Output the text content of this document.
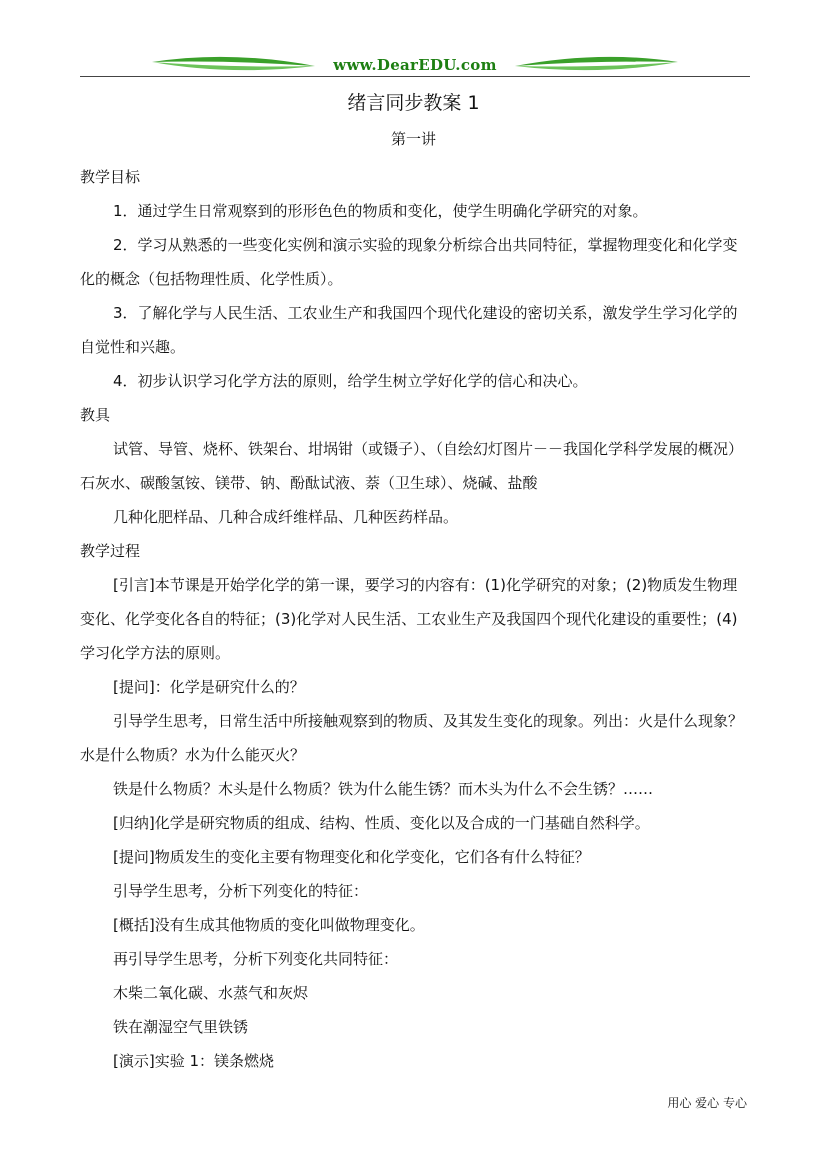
www.DearEDU.com
绪言同步教案 1
第一讲

教学目标

1．通过学生日常观察到的形形色色的物质和变化，使学生明确化学研究的对象。

2．学习从熟悉的一些变化实例和演示实验的现象分析综合出共同特征，掌握物理变化和化学变化的概念（包括物理性质、化学性质）。

3．了解化学与人民生活、工农业生产和我国四个现代化建设的密切关系，激发学生学习化学的自觉性和兴趣。

4．初步认识学习化学方法的原则，给学生树立学好化学的信心和决心。

教具

试管、导管、烧杯、铁架台、坩埚钳（或镊子）、（自绘幻灯图片－－我国化学科学发展的概况）石灰水、碳酸氢铵、镁带、钠、酚酞试液、萘（卫生球）、烧碱、盐酸

几种化肥样品、几种合成纤维样品、几种医药样品。

教学过程

[引言]本节课是开始学化学的第一课，要学习的内容有：(1)化学研究的对象；(2)物质发生物理变化、化学变化各自的特征；(3)化学对人民生活、工农业生产及我国四个现代化建设的重要性；(4)学习化学方法的原则。

[提问]：化学是研究什么的？

引导学生思考，日常生活中所接触观察到的物质、及其发生变化的现象。列出：火是什么现象？水是什么物质？水为什么能灭火？

铁是什么物质？木头是什么物质？铁为什么能生锈？而木头为什么不会生锈？……

[归纳]化学是研究物质的组成、结构、性质、变化以及合成的一门基础自然科学。

[提问]物质发生的变化主要有物理变化和化学变化，它们各有什么特征？

引导学生思考，分析下列变化的特征：

[概括]没有生成其他物质的变化叫做物理变化。

再引导学生思考，分析下列变化共同特征：

木柴二氧化碳、水蒸气和灰烬

铁在潮湿空气里铁锈

[演示]实验 1：镁条燃烧

用心 爱心 专心
